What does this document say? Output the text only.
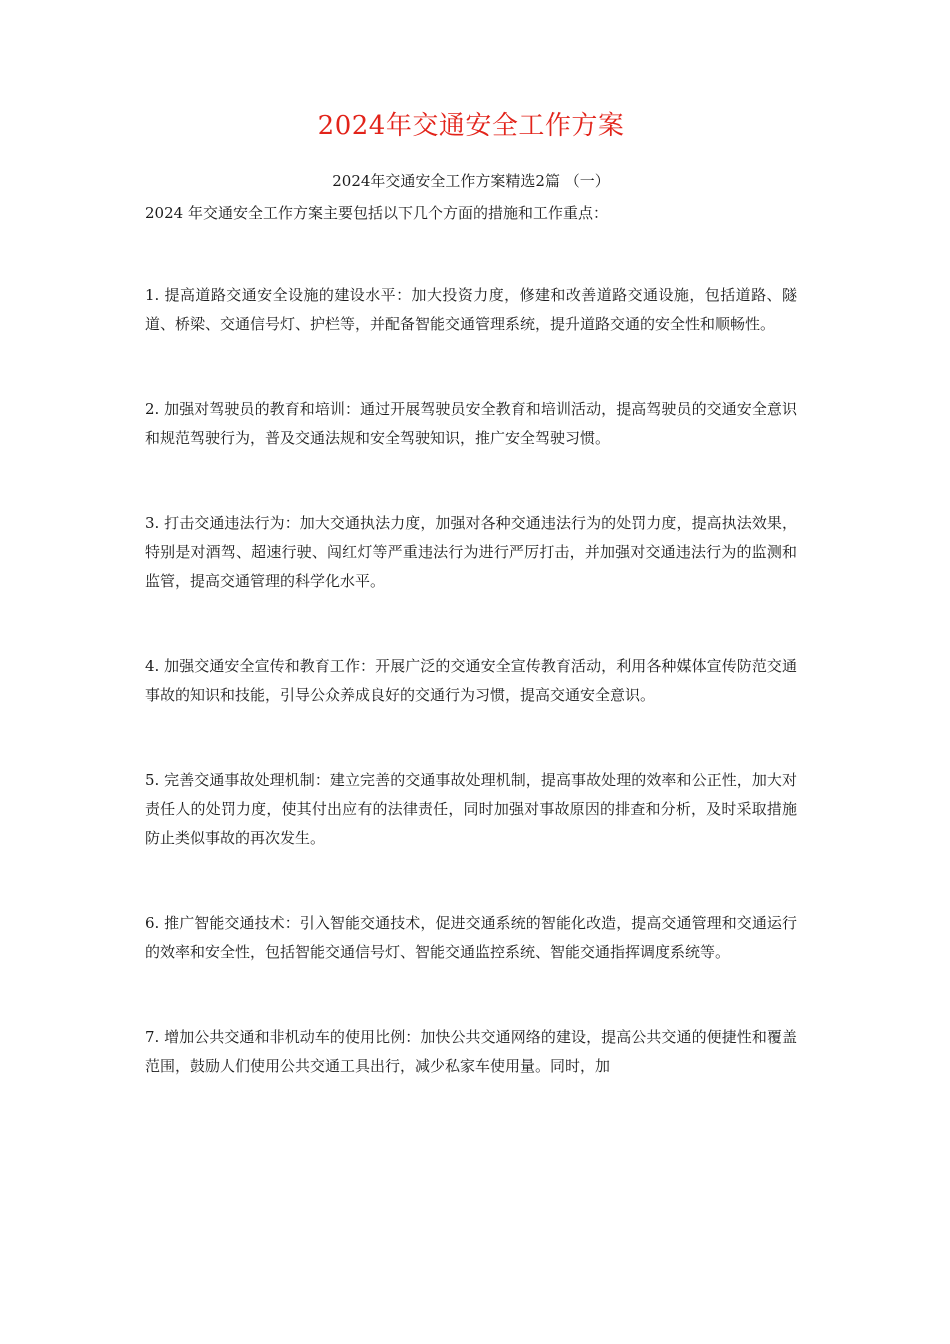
2024年交通安全工作方案

2024年交通安全工作方案精选2篇 （一）

2024 年交通安全工作方案主要包括以下几个方面的措施和工作重点：

1. 提高道路交通安全设施的建设水平：加大投资力度，修建和改善道路交通设施，包括道路、隧道、桥梁、交通信号灯、护栏等，并配备智能交通管理系统，提升道路交通的安全性和顺畅性。

2. 加强对驾驶员的教育和培训：通过开展驾驶员安全教育和培训活动，提高驾驶员的交通安全意识和规范驾驶行为，普及交通法规和安全驾驶知识，推广安全驾驶习惯。

3. 打击交通违法行为：加大交通执法力度，加强对各种交通违法行为的处罚力度，提高执法效果，特别是对酒驾、超速行驶、闯红灯等严重违法行为进行严厉打击，并加强对交通违法行为的监测和监管，提高交通管理的科学化水平。

4. 加强交通安全宣传和教育工作：开展广泛的交通安全宣传教育活动，利用各种媒体宣传防范交通事故的知识和技能，引导公众养成良好的交通行为习惯，提高交通安全意识。

5. 完善交通事故处理机制：建立完善的交通事故处理机制，提高事故处理的效率和公正性，加大对责任人的处罚力度，使其付出应有的法律责任，同时加强对事故原因的排查和分析，及时采取措施防止类似事故的再次发生。

6. 推广智能交通技术：引入智能交通技术，促进交通系统的智能化改造，提高交通管理和交通运行的效率和安全性，包括智能交通信号灯、智能交通监控系统、智能交通指挥调度系统等。

7. 增加公共交通和非机动车的使用比例：加快公共交通网络的建设，提高公共交通的便捷性和覆盖范围，鼓励人们使用公共交通工具出行，减少私家车使用量。同时，加
